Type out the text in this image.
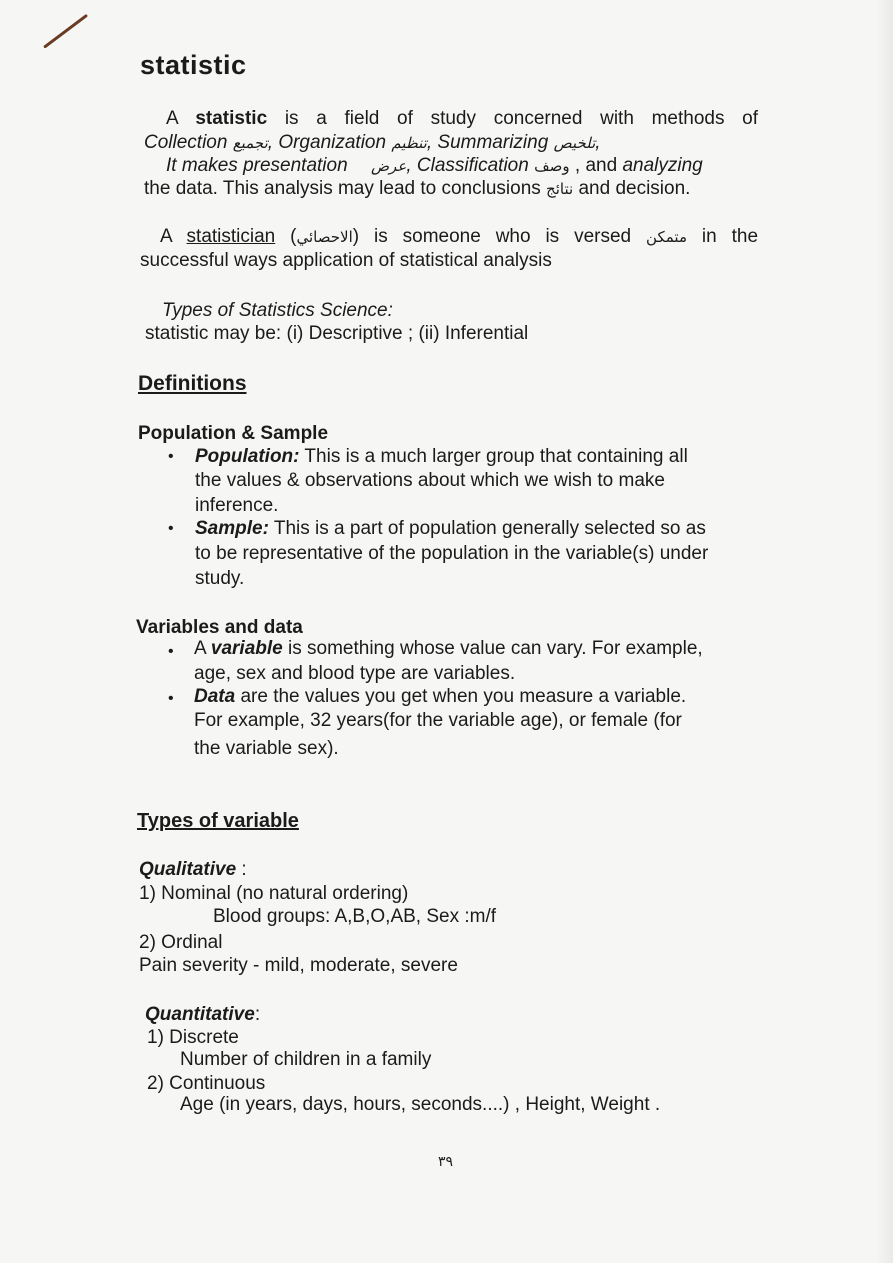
statistic
A statistic is a field of study concerned with methods of
Collection تجميع, Organization تنظيم, Summarizing تلخيص,
It makes presentation عرض, Classification وصف , and analyzing
the data. This analysis may lead to conclusions نتائج and decision.
A statistician (الاحصائي) is someone who is versed متمكن in the
successful ways application of statistical analysis
Types of Statistics Science:
statistic may be: (i) Descriptive ; (ii) Inferential
Definitions
Population & Sample
• Population: This is a much larger group that containing all
the values & observations about which we wish to make
inference.
• Sample: This is a part of population generally selected so as
to be representative of the population in the variable(s) under
study.
Variables and data
• A variable is something whose value can vary. For example,
age, sex and blood type are variables.
• Data are the values you get when you measure a variable.
For example, 32 years(for the variable age), or female (for
the variable sex).
Types of variable
Qualitative :
1) Nominal (no natural ordering)
Blood groups: A,B,O,AB, Sex :m/f
2) Ordinal
Pain severity - mild, moderate, severe
Quantitative:
1) Discrete
Number of children in a family
2) Continuous
Age (in years, days, hours, seconds....) , Height, Weight .
٣٩
